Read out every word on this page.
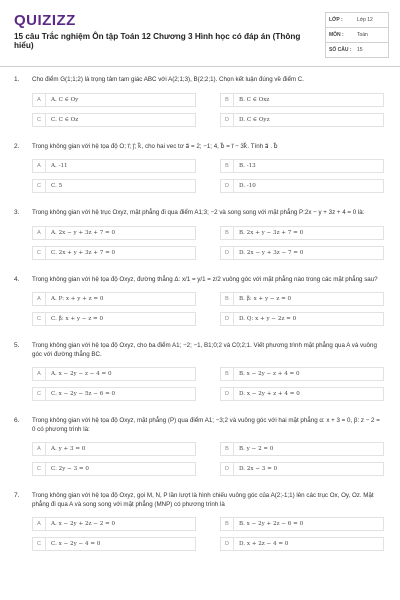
QUIZIZZ
15 câu Trắc nghiệm Ôn tập Toán 12 Chương 3 Hình học có đáp án (Thông hiểu)
LỚP :	Lớp 12
MÔN :	Toán
SỐ CÂU :	15
1. Cho điểm G(1;1;2) là trọng tâm tam giác ABC với A(2;1;3), B(2;2;1). Chọn kết luận đúng về điểm C.
A	A. C ∈ Oy	B	B. C ∈ Oxz
C	C. C ∈ Oz	D	D. C ∈ Oyz
2. Trong không gian với hệ tọa độ O; i⃗; j⃗; k⃗, cho hai vec tơ a⃗ = 2; −1; 4, b⃗ = i⃗ − 3k⃗. Tính a⃗ . b⃗
A	A. -11	B	B. -13
C	C. 5	D	D. -10
3. Trong không gian với hệ trục Oxyz, mặt phẳng đi qua điểm A1;3; −2 và song song với mặt phẳng P:2x − y + 3z + 4 = 0 là:
A	A. 2x − y + 3z + 7 = 0	B	B. 2x + y − 3z + 7 = 0
C	C. 2x + y + 3z + 7 = 0	D	D. 2x − y + 3z − 7 = 0
4. Trong không gian với hệ tọa độ Oxyz, đường thẳng Δ: x/1 = y/1 = z/2 vuông góc với mặt phẳng nào trong các mặt phẳng sau?
A	A. P: x + y + z = 0	B	B. β: x + y − z = 0
C	C. β: x + y − z = 0	D	D. Q: x + y − 2z = 0
5. Trong không gian với hệ tọa độ Oxyz, cho ba điểm A1; −2; −1, B1;0;2 và C0;2;1. Viết phương trình mặt phẳng qua A và vuông góc với đường thẳng BC.
A	A. x − 2y − z − 4 = 0	B	B. x − 2y − z + 4 = 0
C	C. x − 2y − 5z − 6 = 0	D	D. x − 2y + z + 4 = 0
6. Trong không gian với hệ tọa độ Oxyz, mặt phẳng (P) qua điểm A1; −3;2 và vuông góc với hai mặt phẳng α: x + 3 = 0, β: z − 2 = 0 có phương trình là:
A	A. y + 3 = 0	B	B. y − 2 = 0
C	C. 2y − 3 = 0	D	D. 2x − 3 = 0
7. Trong không gian với hệ tọa độ Oxyz, gọi M, N, P lần lượt là hình chiếu vuông góc của A(2;-1;1) lên các trục Ox, Oy, Oz. Mặt phẳng đi qua A và song song với mặt phẳng (MNP) có phương trình là
A	A. x − 2y + 2z − 2 = 0	B	B. x − 2y + 2z − 6 = 0
C	C. x − 2y − 4 = 0	D	D. x + 2z − 4 = 0
